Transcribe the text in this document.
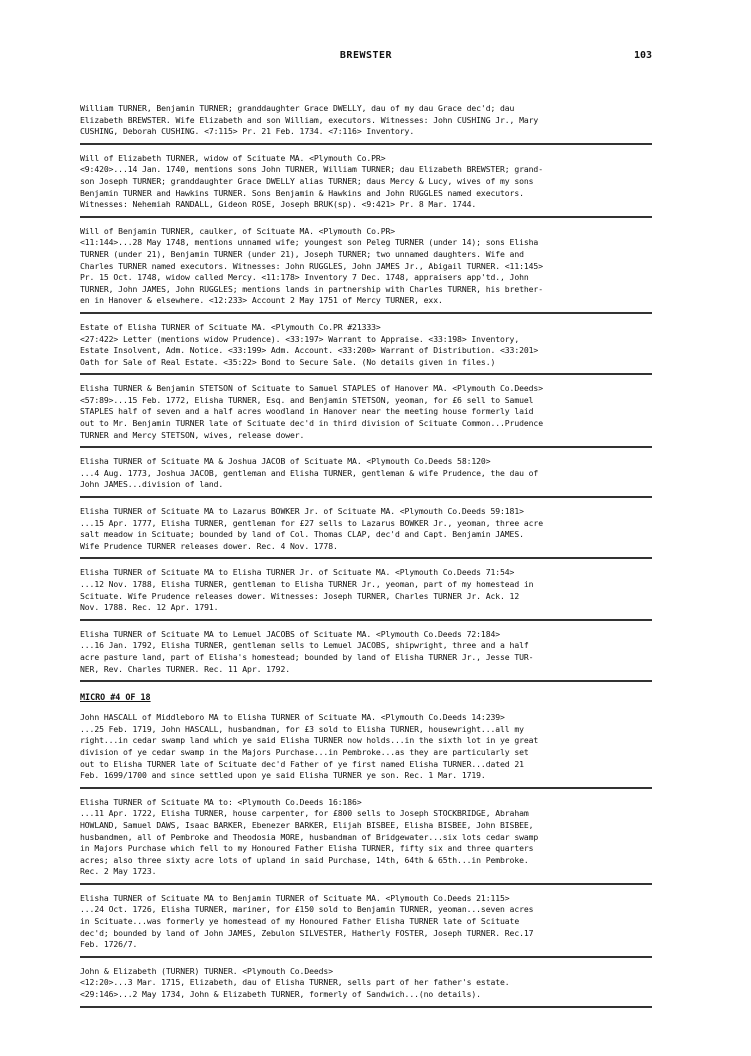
BREWSTER	103
William TURNER, Benjamin TURNER; granddaughter Grace DWELLY, dau of my dau Grace dec'd; dau
Elizabeth BREWSTER. Wife Elizabeth and son William, executors. Witnesses: John CUSHING Jr., Mary
CUSHING, Deborah CUSHING. <7:115> Pr. 21 Feb. 1734. <7:116> Inventory.
Will of Elizabeth TURNER, widow of Scituate MA. <Plymouth Co.PR>
<9:420>...14 Jan. 1740, mentions sons John TURNER, William TURNER; dau Elizabeth BREWSTER; grand-
son Joseph TURNER; granddaughter Grace DWELLY alias TURNER; daus Mercy & Lucy, wives of my sons
Benjamin TURNER and Hawkins TURNER. Sons Benjamin & Hawkins and John RUGGLES named executors.
Witnesses: Nehemiah RANDALL, Gideon ROSE, Joseph BRUK(sp). <9:421> Pr. 8 Mar. 1744.
Will of Benjamin TURNER, caulker, of Scituate MA. <Plymouth Co.PR>
<11:144>...28 May 1748, mentions unnamed wife; youngest son Peleg TURNER (under 14); sons Elisha
TURNER (under 21), Benjamin TURNER (under 21), Joseph TURNER; two unnamed daughters. Wife and
Charles TURNER named executors. Witnesses: John RUGGLES, John JAMES Jr., Abigail TURNER. <11:145>
Pr. 15 Oct. 1748, widow called Mercy. <11:178> Inventory 7 Dec. 1748, appraisers app'td., John
TURNER, John JAMES, John RUGGLES; mentions lands in partnership with Charles TURNER, his brether-
en in Hanover & elsewhere. <12:233> Account 2 May 1751 of Mercy TURNER, exx.
Estate of Elisha TURNER of Scituate MA. <Plymouth Co.PR #21333>
<27:422> Letter (mentions widow Prudence). <33:197> Warrant to Appraise. <33:198> Inventory,
Estate Insolvent, Adm. Notice. <33:199> Adm. Account. <33:200> Warrant of Distribution. <33:201>
Oath for Sale of Real Estate. <35:22> Bond to Secure Sale. (No details given in files.)
Elisha TURNER & Benjamin STETSON of Scituate to Samuel STAPLES of Hanover MA. <Plymouth Co.Deeds>
<57:89>...15 Feb. 1772, Elisha TURNER, Esq. and Benjamin STETSON, yeoman, for £6 sell to Samuel
STAPLES half of seven and a half acres woodland in Hanover near the meeting house formerly laid
out to Mr. Benjamin TURNER late of Scituate dec'd in third division of Scituate Common...Prudence
TURNER and Mercy STETSON, wives, release dower.
Elisha TURNER of Scituate MA & Joshua JACOB of Scituate MA. <Plymouth Co.Deeds 58:120>
...4 Aug. 1773, Joshua JACOB, gentleman and Elisha TURNER, gentleman & wife Prudence, the dau of
John JAMES...division of land.
Elisha TURNER of Scituate MA to Lazarus BOWKER Jr. of Scituate MA. <Plymouth Co.Deeds 59:181>
...15 Apr. 1777, Elisha TURNER, gentleman for £27 sells to Lazarus BOWKER Jr., yeoman, three acre
salt meadow in Scituate; bounded by land of Col. Thomas CLAP, dec'd and Capt. Benjamin JAMES.
Wife Prudence TURNER releases dower. Rec. 4 Nov. 1778.
Elisha TURNER of Scituate MA to Elisha TURNER Jr. of Scituate MA. <Plymouth Co.Deeds 71:54>
...12 Nov. 1788, Elisha TURNER, gentleman to Elisha TURNER Jr., yeoman, part of my homestead in
Scituate. Wife Prudence releases dower. Witnesses: Joseph TURNER, Charles TURNER Jr. Ack. 12
Nov. 1788. Rec. 12 Apr. 1791.
Elisha TURNER of Scituate MA to Lemuel JACOBS of Scituate MA. <Plymouth Co.Deeds 72:184>
...16 Jan. 1792, Elisha TURNER, gentleman sells to Lemuel JACOBS, shipwright, three and a half
acre pasture land, part of Elisha's homestead; bounded by land of Elisha TURNER Jr., Jesse TUR-
NER, Rev. Charles TURNER. Rec. 11 Apr. 1792.
MICRO #4 OF 18
John HASCALL of Middleboro MA to Elisha TURNER of Scituate MA. <Plymouth Co.Deeds 14:239>
...25 Feb. 1719, John HASCALL, husbandman, for £3 sold to Elisha TURNER, housewright...all my
right...in cedar swamp land which ye said Elisha TURNER now holds...in the sixth lot in ye great
division of ye cedar swamp in the Majors Purchase...in Pembroke...as they are particularly set
out to Elisha TURNER late of Scituate dec'd Father of ye first named Elisha TURNER...dated 21
Feb. 1699/1700 and since settled upon ye said Elisha TURNER ye son. Rec. 1 Mar. 1719.
Elisha TURNER of Scituate MA to: <Plymouth Co.Deeds 16:186>
...11 Apr. 1722, Elisha TURNER, house carpenter, for £800 sells to Joseph STOCKBRIDGE, Abraham
HOWLAND, Samuel DAWS, Isaac BARKER, Ebenezer BARKER, Elijah BISBEE, Elisha BISBEE, John BISBEE,
husbandmen, all of Pembroke and Theodosia MORE, husbandman of Bridgewater...six lots cedar swamp
in Majors Purchase which fell to my Honoured Father Elisha TURNER, fifty six and three quarters
acres; also three sixty acre lots of upland in said Purchase, 14th, 64th & 65th...in Pembroke.
Rec. 2 May 1723.
Elisha TURNER of Scituate MA to Benjamin TURNER of Scituate MA. <Plymouth Co.Deeds 21:115>
...24 Oct. 1726, Elisha TURNER, mariner, for £150 sold to Benjamin TURNER, yeoman...seven acres
in Scituate...was formerly ye homestead of my Honoured Father Elisha TURNER late of Scituate
dec'd; bounded by land of John JAMES, Zebulon SILVESTER, Hatherly FOSTER, Joseph TURNER. Rec.17
Feb. 1726/7.
John & Elizabeth (TURNER) TURNER. <Plymouth Co.Deeds>
<12:20>...3 Mar. 1715, Elizabeth, dau of Elisha TURNER, sells part of her father's estate.
<29:146>...2 May 1734, John & Elizabeth TURNER, formerly of Sandwich...(no details).
